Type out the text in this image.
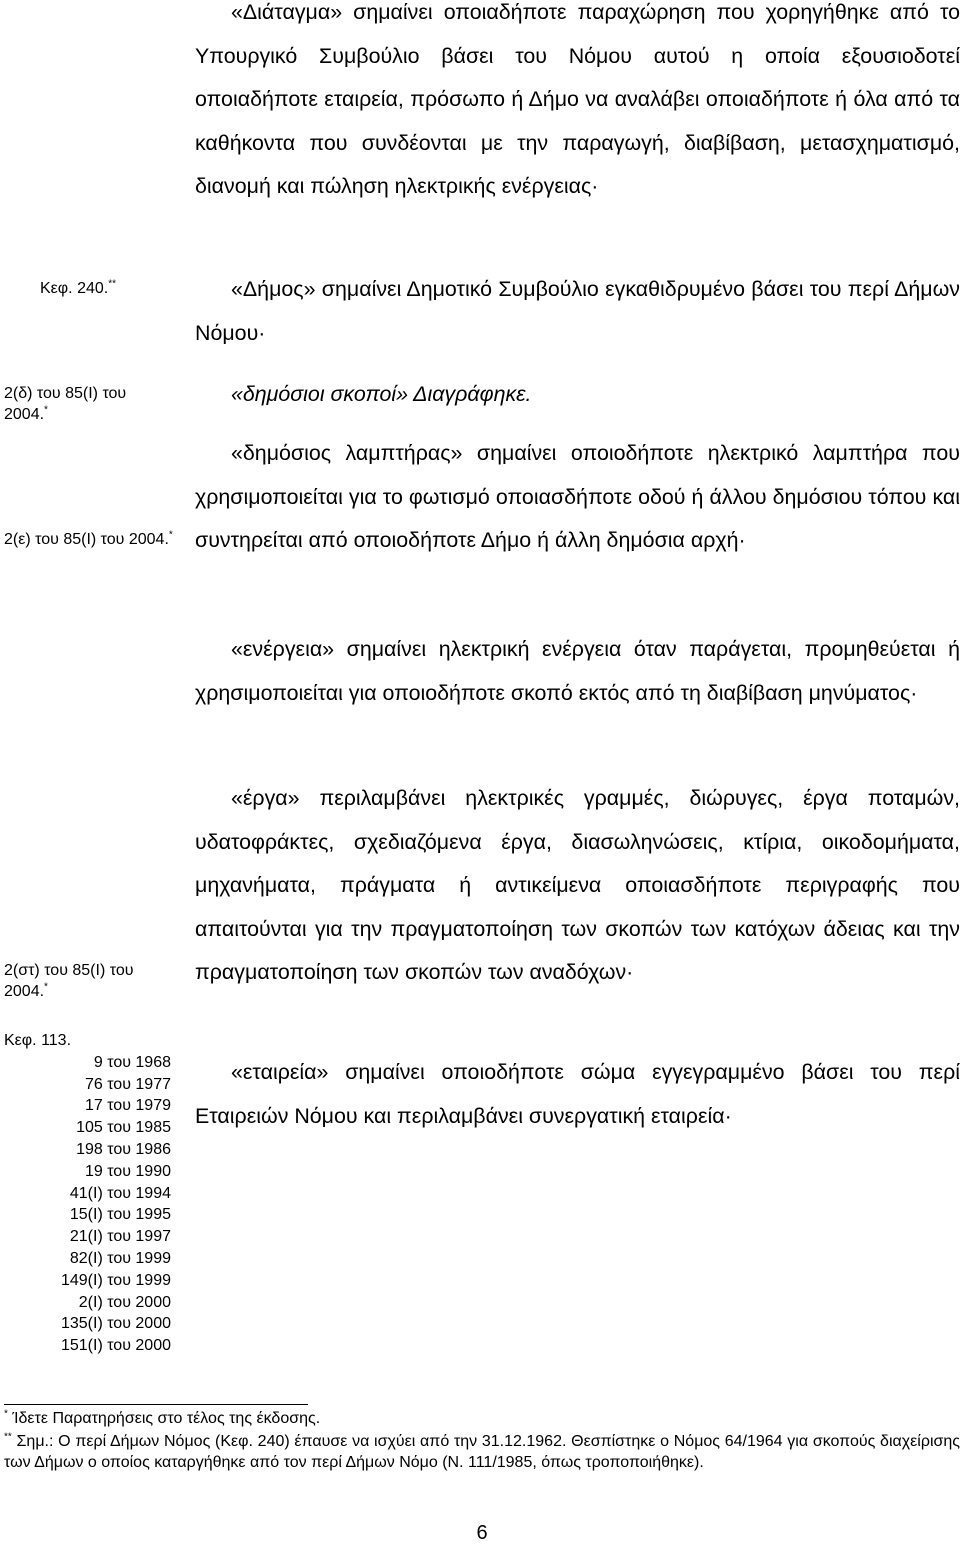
«Διάταγμα» σημαίνει οποιαδήποτε παραχώρηση που χορηγήθηκε από το Υπουργικό Συμβούλιο βάσει του Νόμου αυτού η οποία εξουσιοδοτεί οποιαδήποτε εταιρεία, πρόσωπο ή Δήμο να αναλάβει οποιαδήποτε ή όλα από τα καθήκοντα που συνδέονται με την παραγωγή, διαβίβαση, μετασχηματισμό, διανομή και πώληση ηλεκτρικής ενέργειας·

«Δήμος» σημαίνει Δημοτικό Συμβούλιο εγκαθιδρυμένο βάσει του περί Δήμων Νόμου·

«δημόσιοι σκοποί» Διαγράφηκε.

«δημόσιος λαμπτήρας» σημαίνει οποιοδήποτε ηλεκτρικό λαμπτήρα που χρησιμοποιείται για το φωτισμό οποιασδήποτε οδού ή άλλου δημόσιου τόπου και συντηρείται από οποιοδήποτε Δήμο ή άλλη δημόσια αρχή·

«ενέργεια» σημαίνει ηλεκτρική ενέργεια όταν παράγεται, προμηθεύεται ή χρησιμοποιείται για οποιοδήποτε σκοπό εκτός από τη διαβίβαση μηνύματος·

«έργα» περιλαμβάνει ηλεκτρικές γραμμές, διώρυγες, έργα ποταμών, υδατοφράκτες, σχεδιαζόμενα έργα, διασωληνώσεις, κτίρια, οικοδομήματα, μηχανήματα, πράγματα ή αντικείμενα οποιασδήποτε περιγραφής που απαιτούνται για την πραγματοποίηση των σκοπών των κατόχων άδειας και την πραγματοποίηση των σκοπών των αναδόχων·

«εταιρεία» σημαίνει οποιοδήποτε σώμα εγγεγραμμένο βάσει του περί Εταιρειών Νόμου και περιλαμβάνει συνεργατική εταιρεία·

Κεφ. 240.**

2(δ) του 85(Ι) του 2004.*

2(ε) του 85(Ι) του 2004.*

2(στ) του 85(Ι) του 2004.*

Κεφ. 113.
9 του 1968
76 του 1977
17 του 1979
105 του 1985
198 του 1986
19 του 1990
41(Ι) του 1994
15(Ι) του 1995
21(Ι) του 1997
82(Ι) του 1999
149(Ι) του 1999
2(Ι) του 2000
135(Ι) του 2000
151(Ι) του 2000

* Ίδετε Παρατηρήσεις στο τέλος της έκδοσης.

** Σημ.: Ο περί Δήμων Νόμος (Κεφ. 240) έπαυσε να ισχύει από την 31.12.1962. Θεσπίστηκε ο Νόμος 64/1964 για σκοπούς διαχείρισης των Δήμων ο οποίος καταργήθηκε από τον περί Δήμων Νόμο (Ν. 111/1985, όπως τροποποιήθηκε).

6
